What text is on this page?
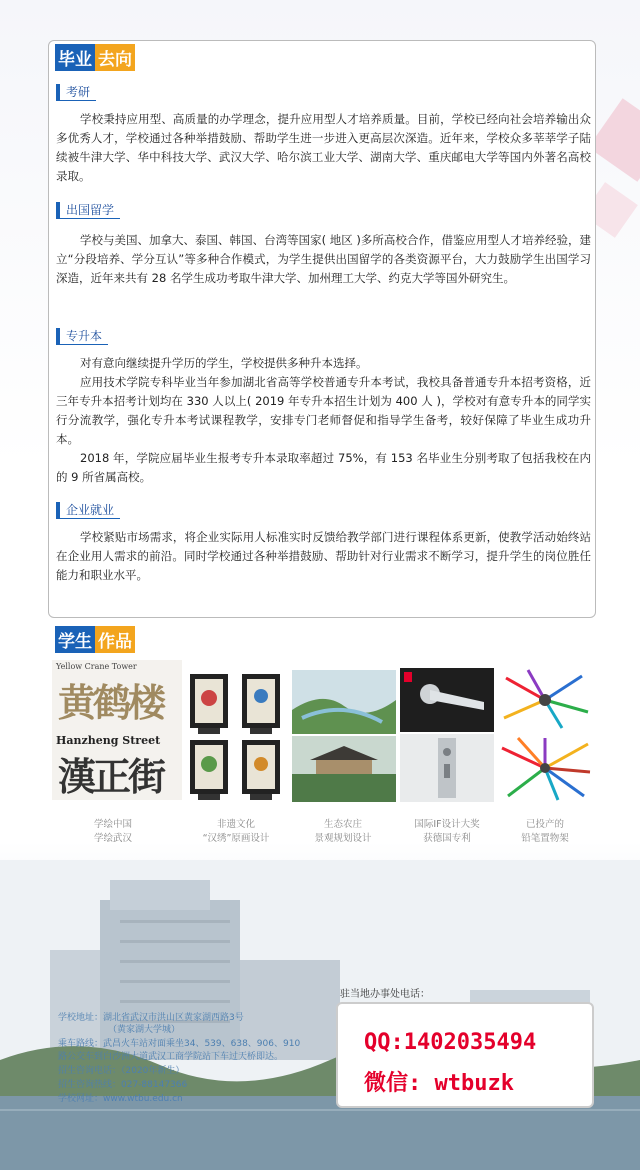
毕业 去向
考研

学校秉持应用型、高质量的办学理念，提升应用型人才培养质量。目前，学校已经向社会培养输出众多优秀人才，学校通过各种举措鼓励、帮助学生进一步进入更高层次深造。近年来，学校众多莘莘学子陆续被牛津大学、华中科技大学、武汉大学、哈尔滨工业大学、湖南大学、重庆邮电大学等国内外著名高校录取。

出国留学

学校与美国、加拿大、泰国、韩国、台湾等国家( 地区 )多所高校合作，借鉴应用型人才培养经验，建立“分段培养、学分互认”等多种合作模式，为学生提供出国留学的各类资源平台，大力鼓励学生出国学习深造，近年来共有 28 名学生成功考取牛津大学、加州理工大学、约克大学等国外研究生。

专升本

对有意向继续提升学历的学生，学校提供多种升本选择。

应用技术学院专科毕业当年参加湖北省高等学校普通专升本考试，我校具备普通专升本招考资格，近三年专升本招考计划均在 330 人以上( 2019 年专升本招生计划为 400 人 )，学校对有意专升本的同学实行分流教学，强化专升本考试课程教学，安排专门老师督促和指导学生备考，较好保障了毕业生成功升本。

2018 年，学院应届毕业生报考专升本录取率超过 75%，有 153 名毕业生分别考取了包括我校在内的 9 所省属高校。

企业就业

学校紧贴市场需求，将企业实际用人标准实时反馈给教学部门进行课程体系更新，使教学活动始终站在企业用人需求的前沿。同时学校通过各种举措鼓励、帮助针对行业需求不断学习，提升学生的岗位胜任能力和职业水平。

学生 作品
Yellow Crane Tower
黄鹤楼
Hanzheng Street
漢正街
学绘中国
学绘武汉
非遗文化
“汉绣”原画设计
生态农庄
景观规划设计
国际IF设计大奖
获德国专利
已投产的
铅笔置物架
学校地址：湖北省武汉市洪山区黄家湖西路3号
（黄家湖大学城）
乘车路线：武昌火车站对面乘坐34、539、638、906、910
路公交车到白沙洲大道武汉工商学院站下车过天桥即达。
招生咨询电话：（2020年新生）
招生咨询热线：027-88147366
学校网址：www.wtbu.edu.cn
驻当地办事处电话：
QQ:1402035494
微信: wtbuzk
